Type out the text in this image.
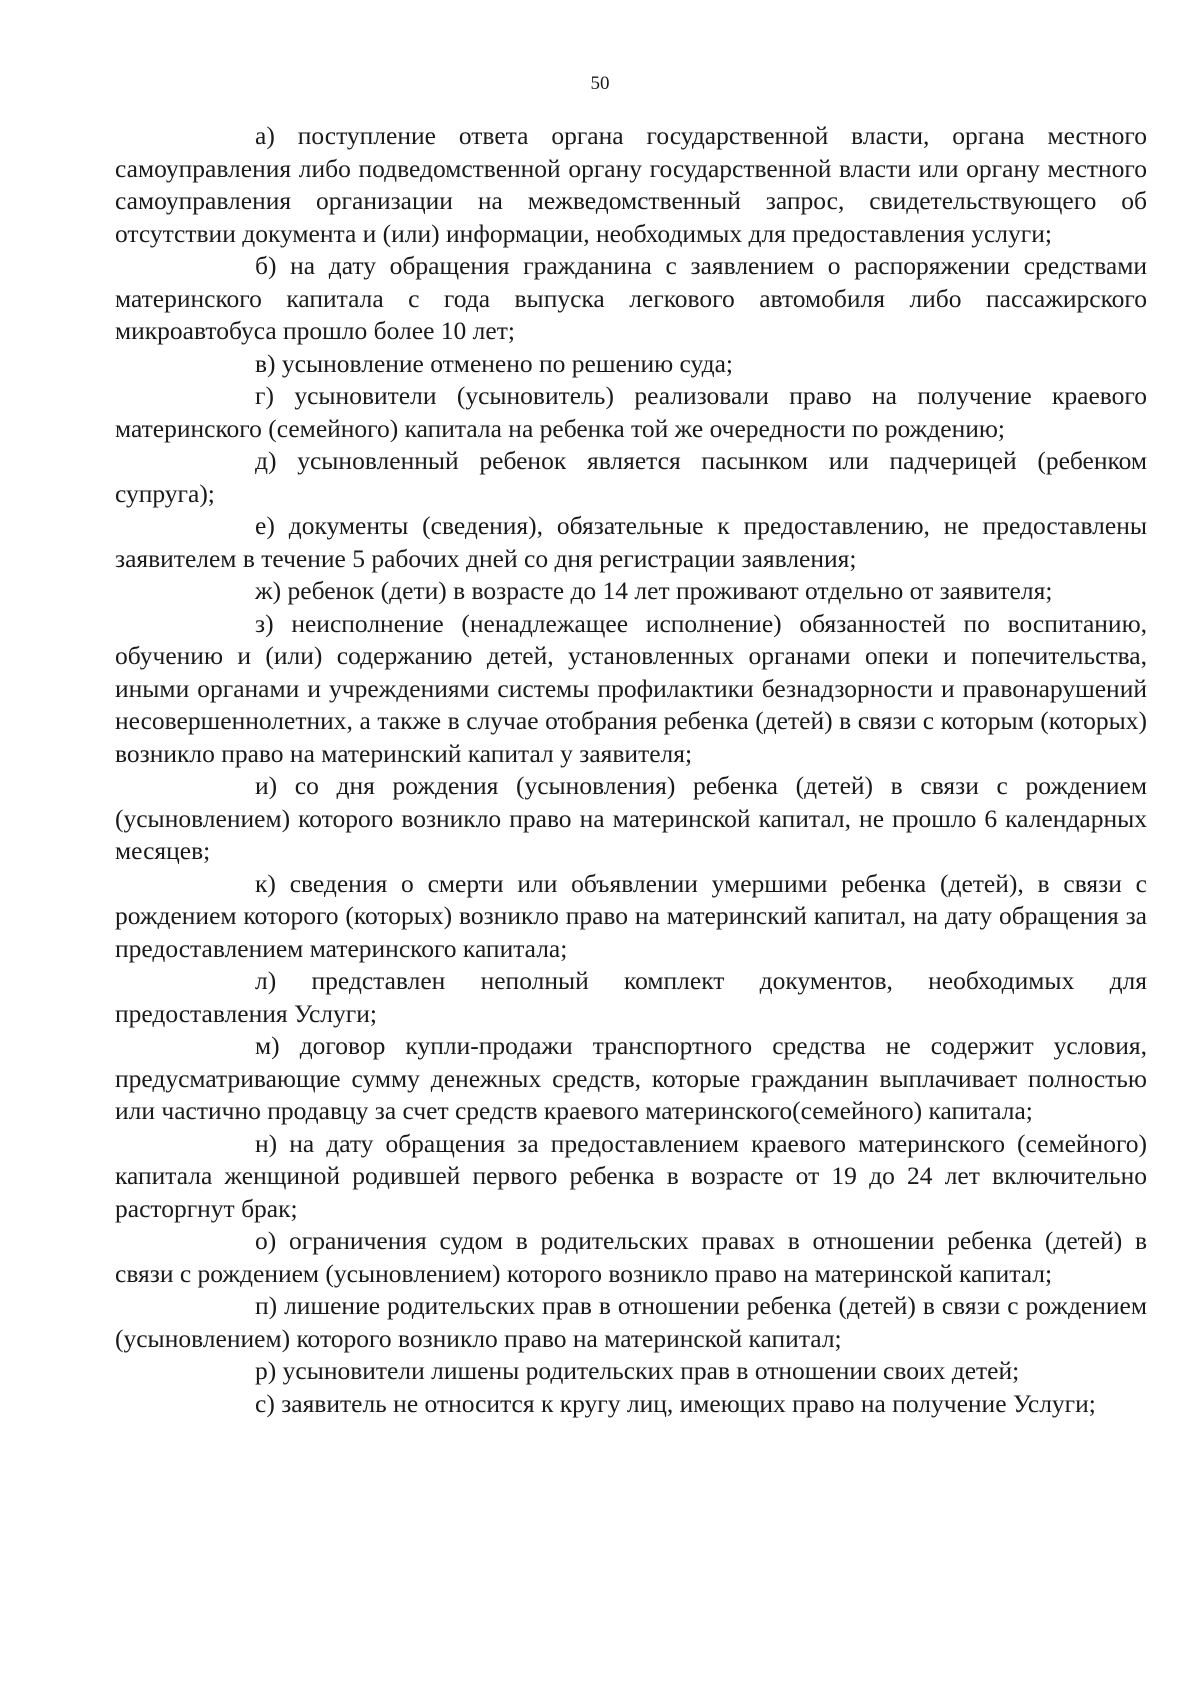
50

а) поступление ответа органа государственной власти, органа местного самоуправления либо подведомственной органу государственной власти или органу местного самоуправления организации на межведомственный запрос, свидетельствующего об отсутствии документа и (или) информации, необходимых для предоставления услуги;

б) на дату обращения гражданина с заявлением о распоряжении средствами материнского капитала с года выпуска легкового автомобиля либо пассажирского микроавтобуса прошло более 10 лет;

в) усыновление отменено по решению суда;

г) усыновители (усыновитель) реализовали право на получение краевого материнского (семейного) капитала на ребенка той же очередности по рождению;

д) усыновленный ребенок является пасынком или падчерицей (ребенком супруга);

е) документы (сведения), обязательные к предоставлению, не предоставлены заявителем в течение 5 рабочих дней со дня регистрации заявления;

ж) ребенок (дети) в возрасте до 14 лет проживают отдельно от заявителя;

з) неисполнение (ненадлежащее исполнение) обязанностей по воспитанию, обучению и (или) содержанию детей, установленных органами опеки и попечительства, иными органами и учреждениями системы профилактики безнадзорности и правонарушений несовершеннолетних, а также в случае отобрания ребенка (детей) в связи с которым (которых) возникло право на материнский капитал у заявителя;

и) со дня рождения (усыновления) ребенка (детей) в связи с рождением (усыновлением) которого возникло право на материнской капитал, не прошло 6 календарных месяцев;

к) сведения о смерти или объявлении умершими ребенка (детей), в связи с рождением которого (которых) возникло право на материнский капитал, на дату обращения за предоставлением материнского капитала;

л) представлен неполный комплект документов, необходимых для предоставления Услуги;

м) договор купли-продажи транспортного средства не содержит условия, предусматривающие сумму денежных средств, которые гражданин выплачивает полностью или частично продавцу за счет средств краевого материнского(семейного) капитала;

н) на дату обращения за предоставлением краевого материнского (семейного) капитала женщиной родившей первого ребенка в возрасте от 19 до 24 лет включительно расторгнут брак;

о) ограничения судом в родительских правах в отношении ребенка (детей) в связи с рождением (усыновлением) которого возникло право на материнской капитал;

п) лишение родительских прав в отношении ребенка (детей) в связи с рождением (усыновлением) которого возникло право на материнской капитал;

р) усыновители лишены родительских прав в отношении своих детей;

с) заявитель не относится к кругу лиц, имеющих право на получение Услуги;
